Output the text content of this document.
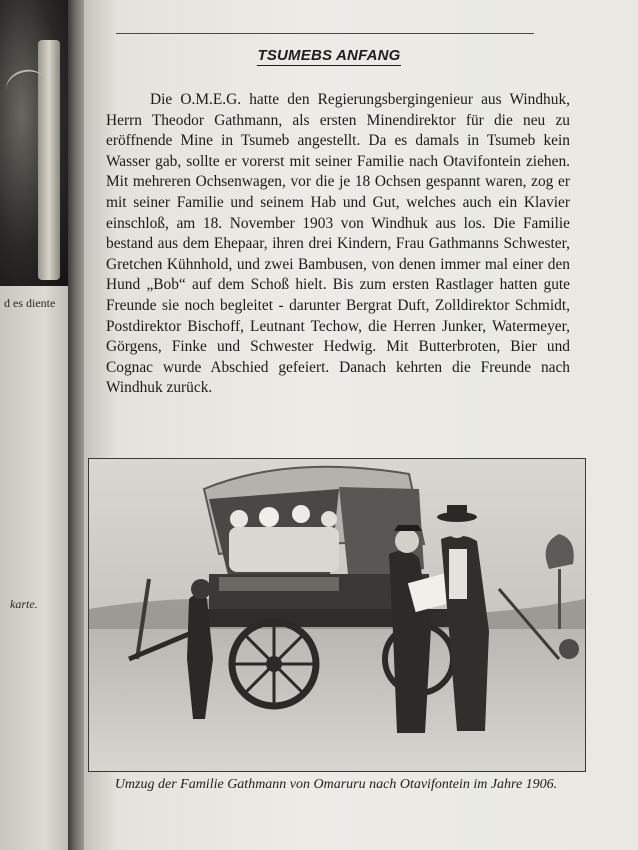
d es diente
karte.
TSUMEBS ANFANG

Die O.M.E.G. hatte den Regierungsbergingenieur aus Windhuk, Herrn Theodor Gathmann, als ersten Minendirektor für die neu zu eröffnende Mine in Tsumeb angestellt. Da es damals in Tsumeb kein Wasser gab, sollte er vorerst mit seiner Familie nach Otavifontein ziehen. Mit mehreren Ochsenwagen, vor die je 18 Ochsen gespannt waren, zog er mit seiner Familie und seinem Hab und Gut, welches auch ein Klavier einschloß, am 18. November 1903 von Windhuk aus los. Die Familie bestand aus dem Ehepaar, ihren drei Kindern, Frau Gathmanns Schwester, Gretchen Kühnhold, und zwei Bambusen, von denen immer mal einer den Hund „Bob“ auf dem Schoß hielt. Bis zum ersten Rastlager hatten gute Freunde sie noch begleitet - darunter Bergrat Duft, Zolldirektor Schmidt, Postdirektor Bischoff, Leutnant Techow, die Herren Junker, Watermeyer, Görgens, Finke und Schwester Hedwig. Mit Butterbroten, Bier und Cognac wurde Abschied gefeiert. Danach kehrten die Freunde nach Windhuk zurück.

Umzug der Familie Gathmann von Omaruru nach Otavifontein im Jahre 1906.
